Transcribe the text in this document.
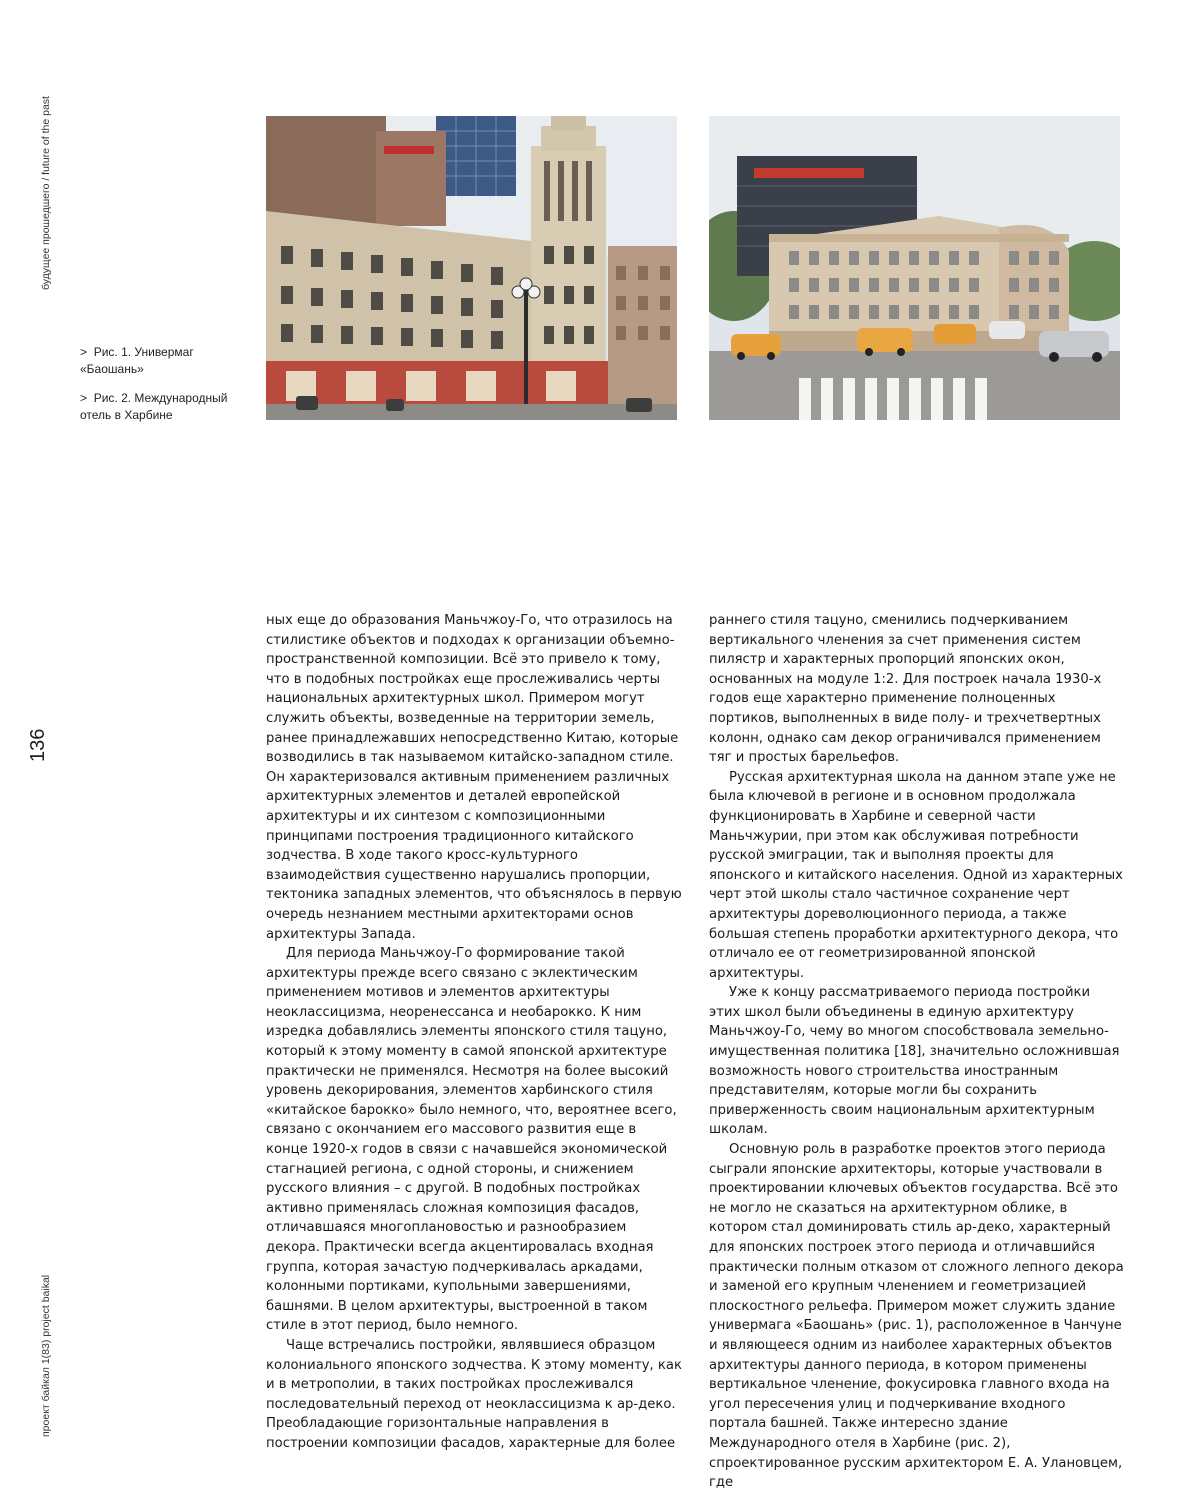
будущее прошедшего / future of the past
136
проект байкал 1(83) project baikal

> Рис. 1. Универмаг «Баошань»

> Рис. 2. Международный отель в Харбине

ных еще до образования Маньчжоу-Го, что отразилось на стилистике объектов и подходах к организации объемно-пространственной композиции. Всё это привело к тому, что в подобных постройках еще прослеживались черты национальных архитектурных школ. Примером могут служить объекты, возведенные на территории земель, ранее принадлежавших непосредственно Китаю, которые возводились в так называемом китайско-западном стиле. Он характеризовался активным применением различных архитектурных элементов и деталей европейской архитектуры и их синтезом с композиционными принципами построения традиционного китайского зодчества. В ходе такого кросс-культурного взаимодействия существенно нарушались пропорции, тектоника западных элементов, что объяснялось в первую очередь незнанием местными архитекторами основ архитектуры Запада.

Для периода Маньчжоу-Го формирование такой архитектуры прежде всего связано с эклектическим применением мотивов и элементов архитектуры неоклассицизма, неоренессанса и необарокко. К ним изредка добавлялись элементы японского стиля тацуно, который к этому моменту в самой японской архитектуре практически не применялся. Несмотря на более высокий уровень декорирования, элементов харбинского стиля «китайское барокко» было немного, что, вероятнее всего, связано с окончанием его массового развития еще в конце 1920-х годов в связи с начавшейся экономической стагнацией региона, с одной стороны, и снижением русского влияния – с другой. В подобных постройках активно применялась сложная композиция фасадов, отличавшаяся многоплановостью и разнообразием декора. Практически всегда акцентировалась входная группа, которая зачастую подчеркивалась аркадами, колонными портиками, купольными завершениями, башнями. В целом архитектуры, выстроенной в таком стиле в этот период, было немного.

Чаще встречались постройки, являвшиеся образцом колониального японского зодчества. К этому моменту, как и в метрополии, в таких постройках прослеживался последовательный переход от неоклассицизма к ар-деко. Преобладающие горизонтальные направления в построении композиции фасадов, характерные для более

раннего стиля тацуно, сменились подчеркиванием вертикального членения за счет применения систем пилястр и характерных пропорций японских окон, основанных на модуле 1:2. Для построек начала 1930-х годов еще характерно применение полноценных портиков, выполненных в виде полу- и трехчетвертных колонн, однако сам декор ограничивался применением тяг и простых барельефов.

Русская архитектурная школа на данном этапе уже не была ключевой в регионе и в основном продолжала функционировать в Харбине и северной части Маньчжурии, при этом как обслуживая потребности русской эмиграции, так и выполняя проекты для японского и китайского населения. Одной из характерных черт этой школы стало частичное сохранение черт архитектуры дореволюционного периода, а также большая степень проработки архитектурного декора, что отличало ее от геометризированной японской архитектуры.

Уже к концу рассматриваемого периода постройки этих школ были объединены в единую архитектуру Маньчжоу-Го, чему во многом способствовала земельно-имущественная политика [18], значительно осложнившая возможность нового строительства иностранным представителям, которые могли бы сохранить приверженность своим национальным архитектурным школам.

Основную роль в разработке проектов этого периода сыграли японские архитекторы, которые участвовали в проектировании ключевых объектов государства. Всё это не могло не сказаться на архитектурном облике, в котором стал доминировать стиль ар-деко, характерный для японских построек этого периода и отличавшийся практически полным отказом от сложного лепного декора и заменой его крупным членением и геометризацией плоскостного рельефа. Примером может служить здание универмага «Баошань» (рис. 1), расположенное в Чанчуне и являющееся одним из наиболее характерных объектов архитектуры данного периода, в котором применены вертикальное членение, фокусировка главного входа на угол пересечения улиц и подчеркивание входного портала башней. Также интересно здание Международного отеля в Харбине (рис. 2), спроектированное русским архитектором Е. А. Улановцем, где
